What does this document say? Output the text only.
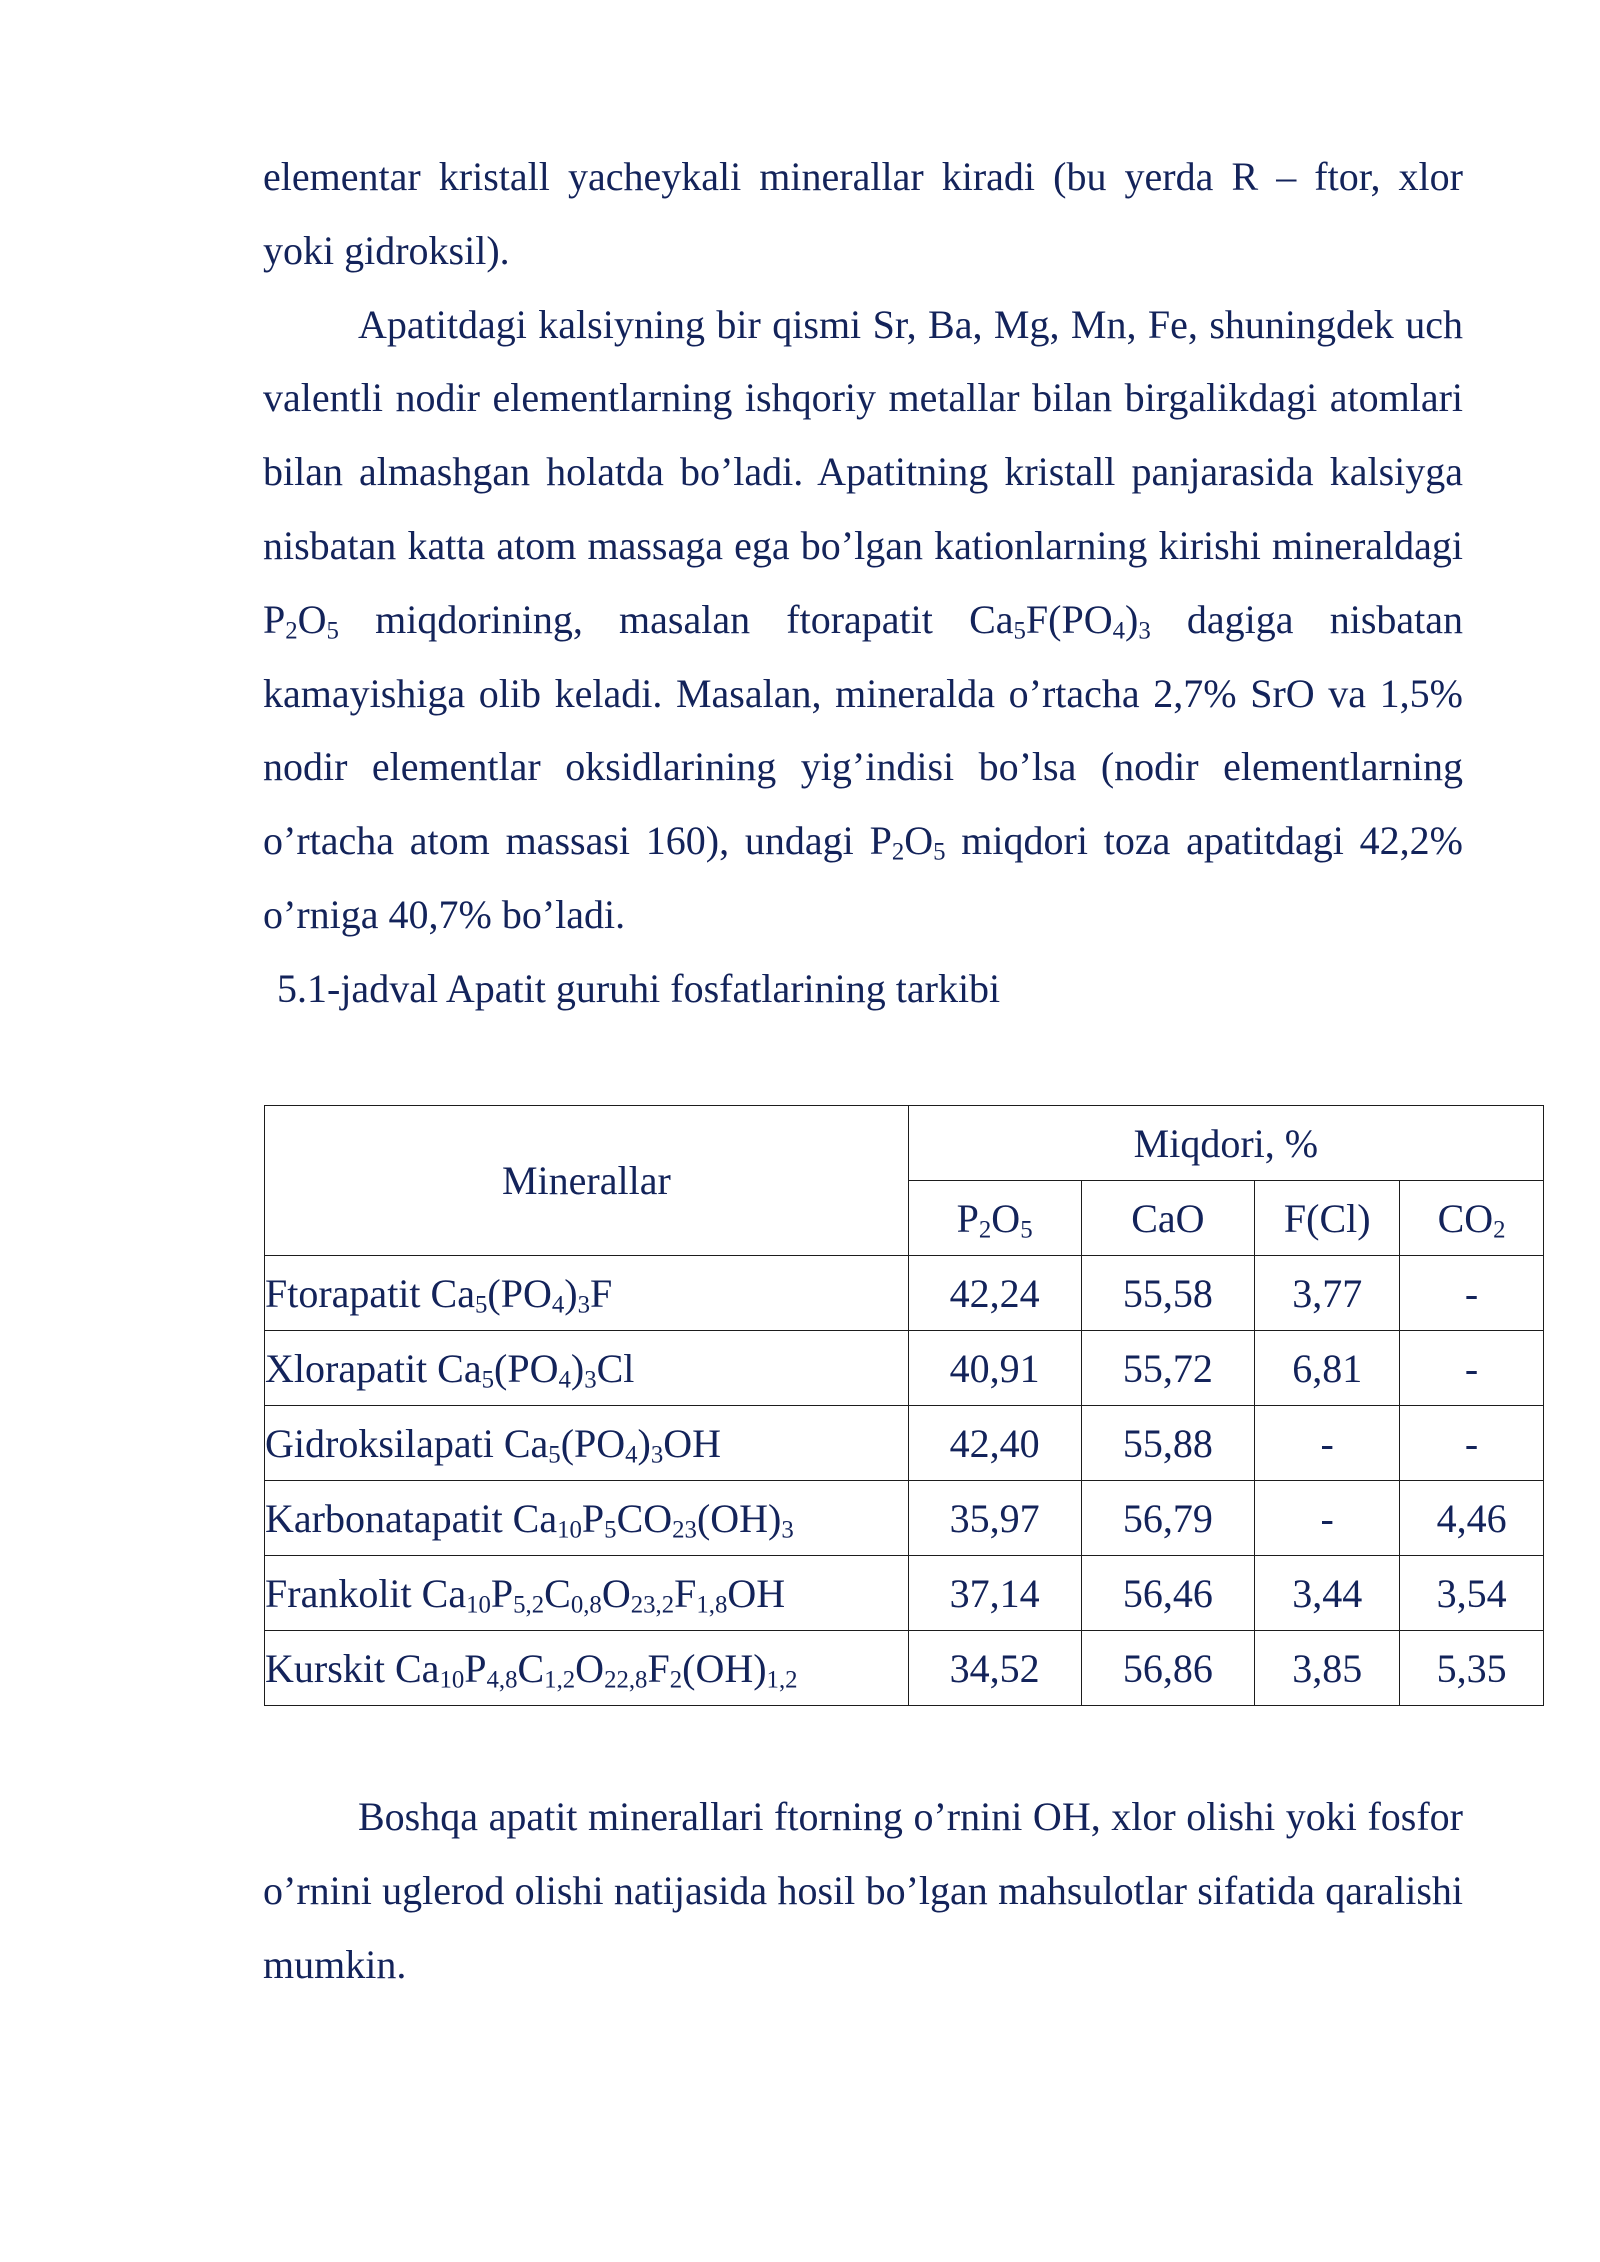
elementar kristall yacheykali minerallar kiradi (bu yerda R – ftor, xlor yoki gidroksil).

Apatitdagi kalsiyning bir qismi Sr, Ba, Mg, Mn, Fe, shuningdek uch valentli nodir elementlarning ishqoriy metallar bilan birgalikdagi atomlari bilan almashgan holatda bo’ladi. Apatitning kristall panjarasida kalsiyga nisbatan katta atom massaga ega bo’lgan kationlarning kirishi mineraldagi $P_2O_5$ miqdorining, masalan ftorapatit $Ca_5F(PO_4)_3$ dagiga nisbatan kamayishiga olib keladi. Masalan, mineralda o’rtacha 2,7% SrO va 1,5% nodir elementlar oksidlarining yig’indisi bo’lsa (nodir elementlarning o’rtacha atom massasi 160), undagi $P_2O_5$ miqdori toza apatitdagi 42,2% o’rniga 40,7% bo’ladi.

5.1-jadval Apatit guruhi fosfatlarining tarkibi

Minerallar	Miqdori, %			
	$P_2O_5$	CaO	F(Cl)	$CO_2$
Ftorapatit $Ca_5(PO_4)_3F$	42,24	55,58	3,77	-
Xlorapatit $Ca_5(PO_4)_3Cl$	40,91	55,72	6,81	-
Gidroksilapati $Ca_5(PO_4)_3OH$	42,40	55,88	-	-
Karbonatapatit $Ca_{10}P_5CO_{23}(OH)_3$	35,97	56,79	-	4,46
Frankolit $Ca_{10}P_{5,2}C_{0,8}O_{23,2}F_{1,8}OH$	37,14	56,46	3,44	3,54
Kurskit $Ca_{10}P_{4,8}C_{1,2}O_{22,8}F_2(OH)_{1,2}$	34,52	56,86	3,85	5,35

Boshqa apatit minerallari ftorning o’rnini OH, xlor olishi yoki fosfor o’rnini uglerod olishi natijasida hosil bo’lgan mahsulotlar sifatida qaralishi mumkin.
